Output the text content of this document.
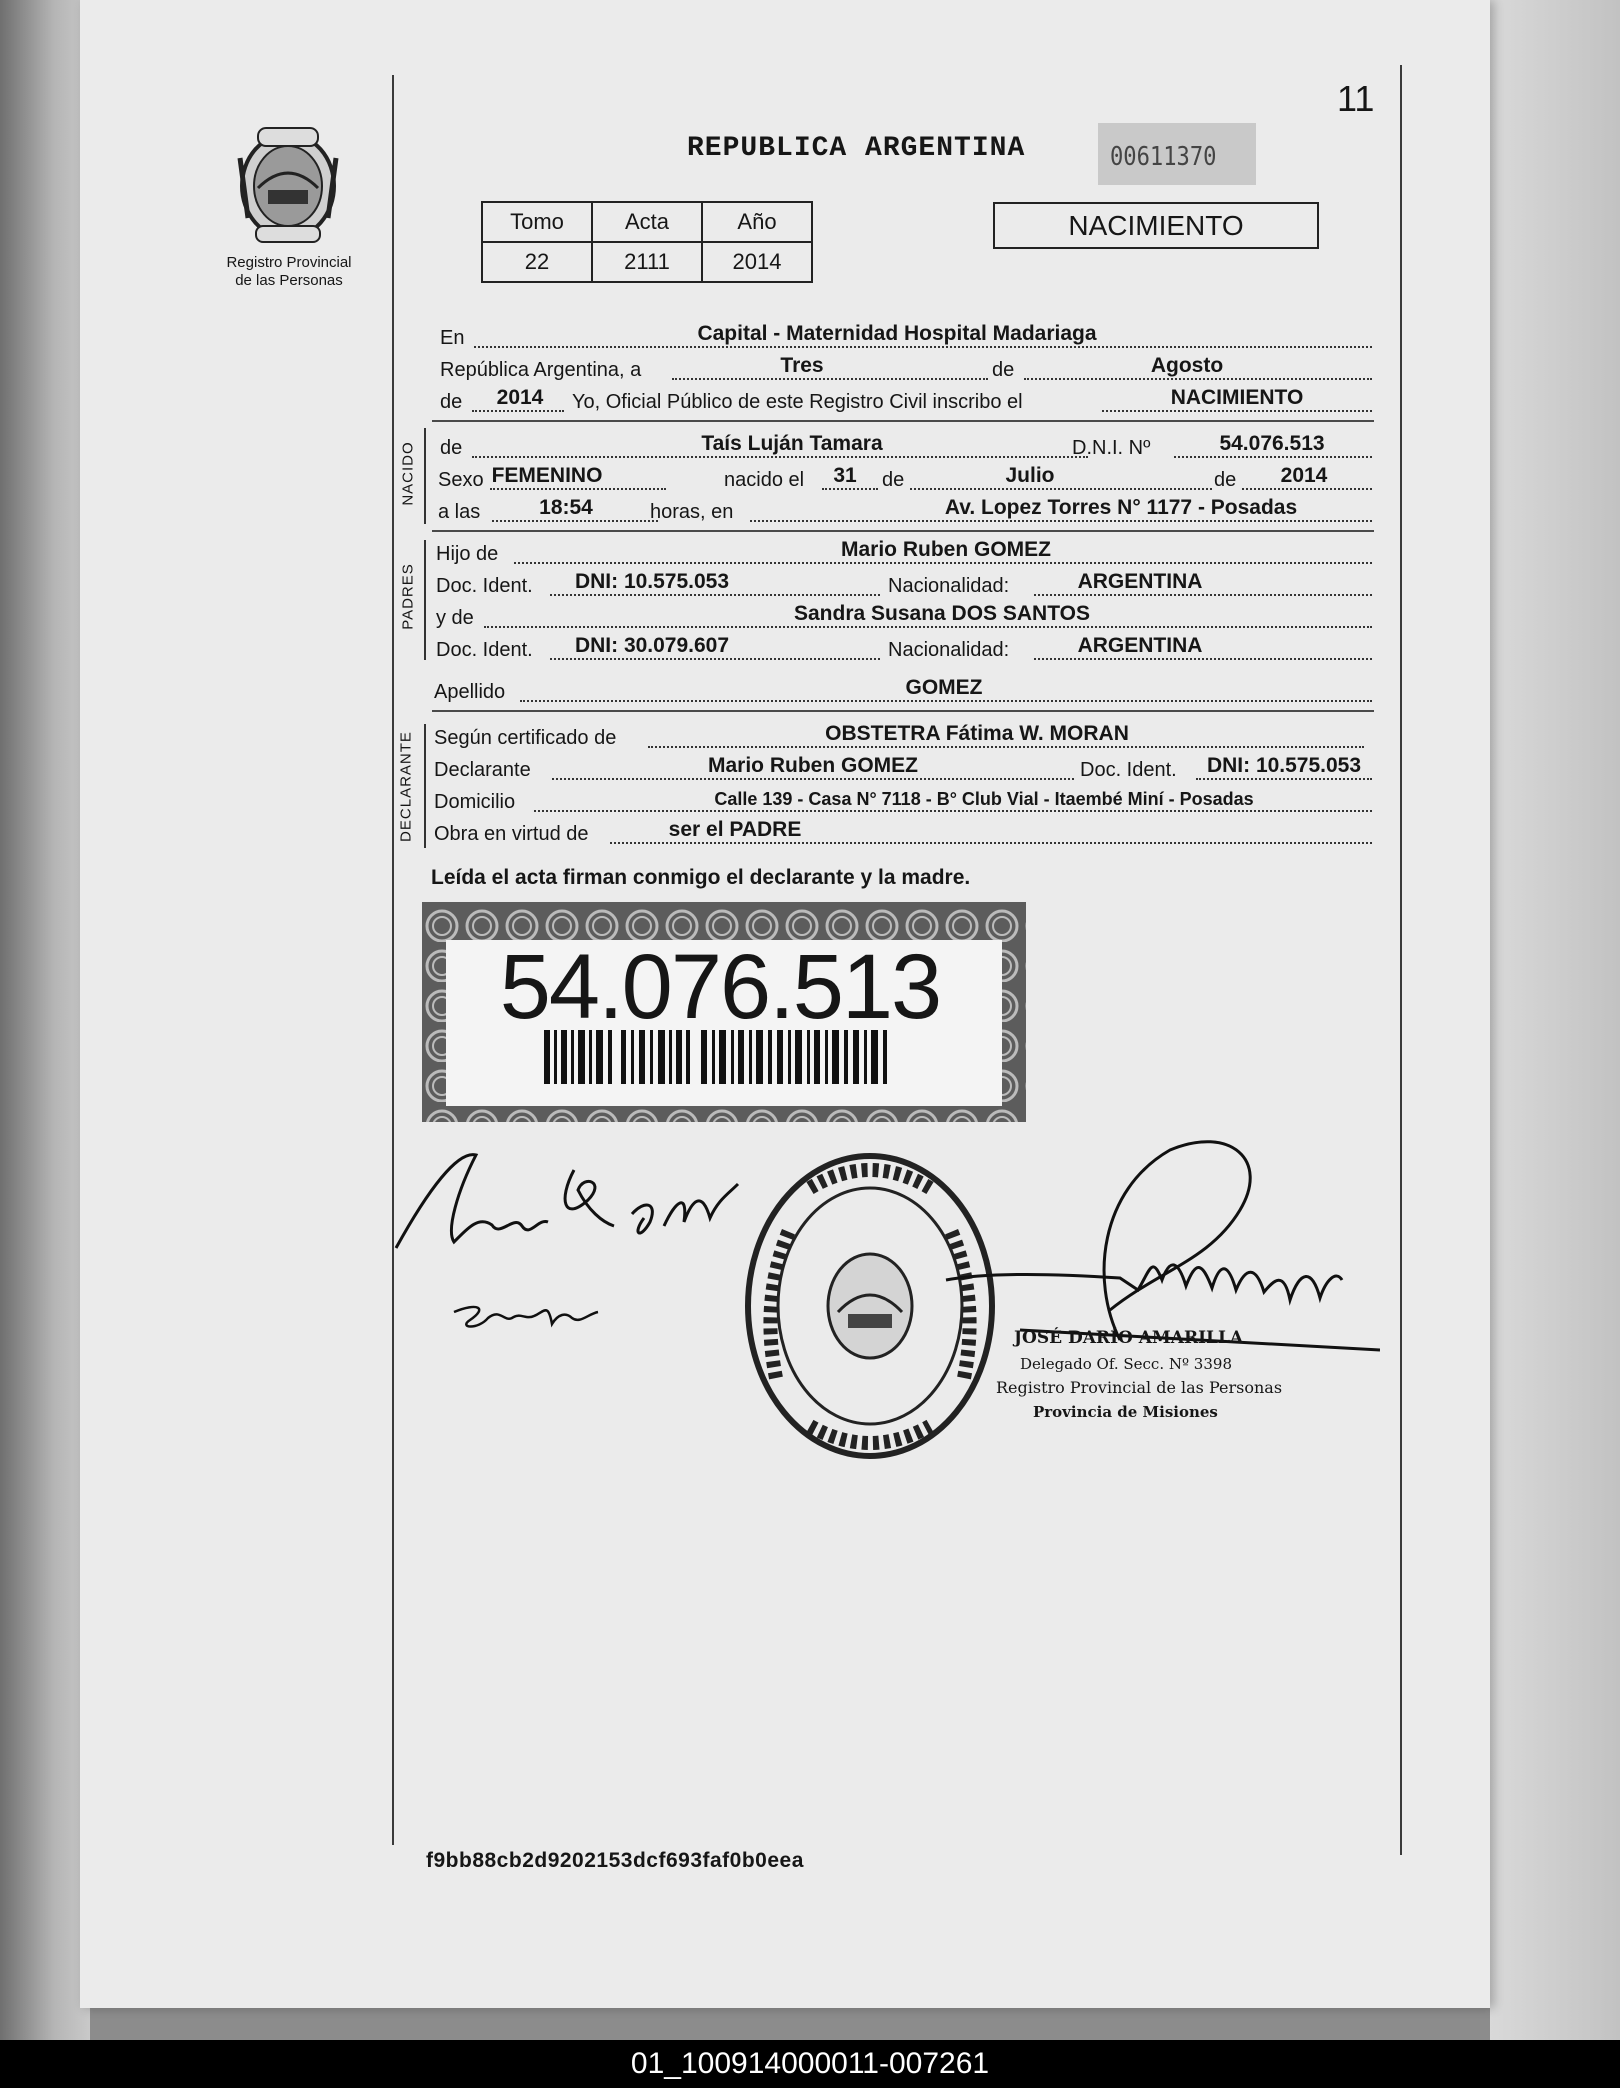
11
REPUBLICA ARGENTINA	00611370
Registro Provincial
de las Personas
Tomo	Acta	Año
22	2111	2014
NACIMIENTO
En	Capital - Maternidad Hospital Madariaga
República Argentina, a	Tres	de	Agosto
de 2014 Yo, Oficial Público de este Registro Civil inscribo el	NACIMIENTO
NACIDO de	Taís Luján Tamara	D.N.I. Nº	54.076.513
Sexo FEMENINO	nacido el 31 de	Julio	de 2014
a las	18:54	horas, en	Av. Lopez Torres N° 1177 - Posadas
PADRES
Hijo de	Mario Ruben GOMEZ
Doc. Ident. DNI: 10.575.053	Nacionalidad:	ARGENTINA
y de	Sandra Susana DOS SANTOS
Doc. Ident. DNI: 30.079.607	Nacionalidad:	ARGENTINA
Apellido	GOMEZ
DECLARANTE Según certificado de	OBSTETRA Fátima W. MORAN
Declarante	Mario Ruben GOMEZ	Doc. Ident. DNI: 10.575.053
Domicilio	Calle 139 - Casa N° 7118 - B° Club Vial - Itaembé Miní - Posadas
Obra en virtud de	ser el PADRE
Leída el acta firman conmigo el declarante y la madre.
54.076.513
JOSÉ DARÍO AMARILLA
Delegado Of. Secc. Nº 3398
Registro Provincial de las Personas
Provincia de Misiones
f9bb88cb2d9202153dcf693faf0b0eea
01_100914000011-007261
